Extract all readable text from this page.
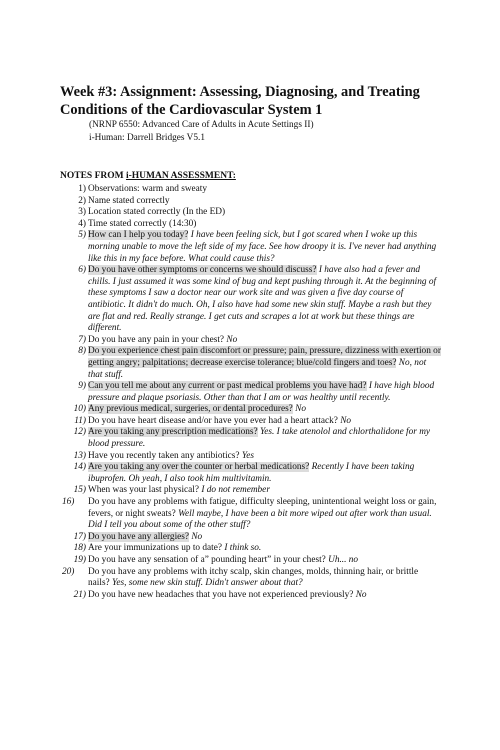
Week #3: Assignment: Assessing, Diagnosing, and Treating Conditions of the Cardiovascular System 1

(NRNP 6550: Advanced Care of Adults in Acute Settings II)

i-Human: Darrell Bridges V5.1

NOTES FROM i-HUMAN ASSESSMENT:

1) Observations: warm and sweaty
2) Name stated correctly
3) Location stated correctly (In the ED)
4) Time stated correctly (14:30)
5) How can I help you today? I have been feeling sick, but I got scared when I woke up this morning unable to move the left side of my face. See how droopy it is. I've never had anything like this in my face before. What could cause this?
6) Do you have other symptoms or concerns we should discuss? I have also had a fever and chills. I just assumed it was some kind of bug and kept pushing through it. At the beginning of these symptoms I saw a doctor near our work site and was given a five day course of antibiotic. It didn't do much. Oh, I also have had some new skin stuff. Maybe a rash but they are flat and red. Really strange. I get cuts and scrapes a lot at work but these things are different.
7) Do you have any pain in your chest? No
8) Do you experience chest pain discomfort or pressure; pain, pressure, dizziness with exertion or getting angry; palpitations; decrease exercise tolerance; blue/cold fingers and toes? No, not that stuff.
9) Can you tell me about any current or past medical problems you have had? I have high blood pressure and plaque psoriasis. Other than that I am or was healthy until recently.
10) Any previous medical, surgeries, or dental procedures? No
11) Do you have heart disease and/or have you ever had a heart attack? No
12) Are you taking any prescription medications? Yes. I take atenolol and chlorthalidone for my blood pressure.
13) Have you recently taken any antibiotics? Yes
14) Are you taking any over the counter or herbal medications? Recently I have been taking ibuprofen. Oh yeah, I also took him multivitamin.
15) When was your last physical? I do not remember
16)	Do you have any problems with fatigue, difficulty sleeping, unintentional weight loss or gain, fevers, or night sweats? Well maybe, I have been a bit more wiped out after work than usual. Did I tell you about some of the other stuff?
17) Do you have any allergies? No
18) Are your immunizations up to date? I think so.
19) Do you have any sensation of a” pounding heart” in your chest? Uh... no
20)	Do you have any problems with itchy scalp, skin changes, molds, thinning hair, or brittle nails? Yes, some new skin stuff. Didn't answer about that?
21) Do you have new headaches that you have not experienced previously? No
